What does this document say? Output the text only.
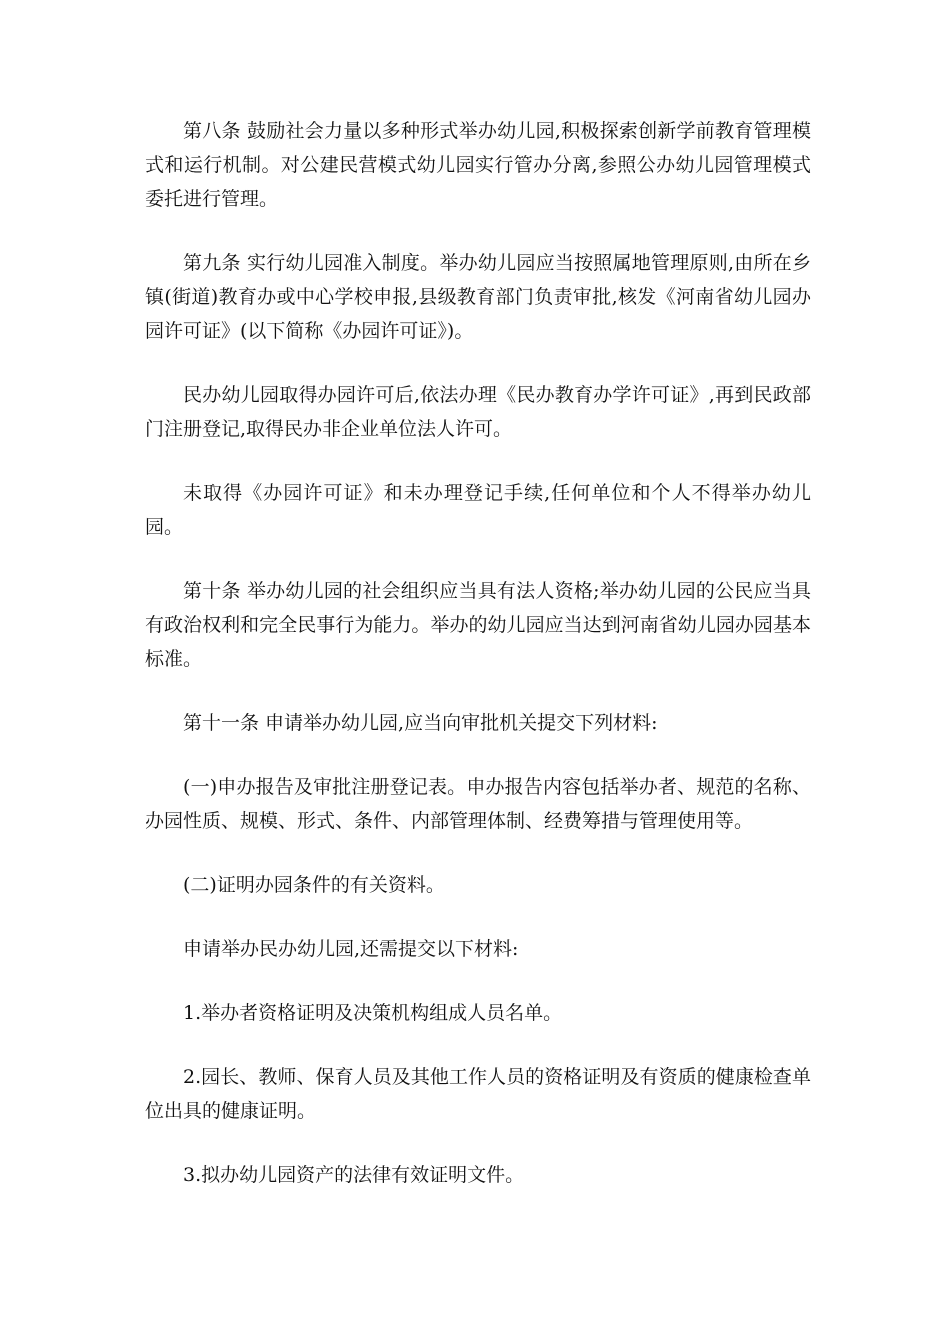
第八条 鼓励社会力量以多种形式举办幼儿园,积极探索创新学前教育管理模式和运行机制。对公建民营模式幼儿园实行管办分离,参照公办幼儿园管理模式委托进行管理。

第九条 实行幼儿园准入制度。举办幼儿园应当按照属地管理原则,由所在乡镇(街道)教育办或中心学校申报,县级教育部门负责审批,核发《河南省幼儿园办园许可证》(以下简称《办园许可证》)。

民办幼儿园取得办园许可后,依法办理《民办教育办学许可证》,再到民政部门注册登记,取得民办非企业单位法人许可。

未取得《办园许可证》和未办理登记手续,任何单位和个人不得举办幼儿园。

第十条 举办幼儿园的社会组织应当具有法人资格;举办幼儿园的公民应当具有政治权利和完全民事行为能力。举办的幼儿园应当达到河南省幼儿园办园基本标准。

第十一条 申请举办幼儿园,应当向审批机关提交下列材料:

(一)申办报告及审批注册登记表。申办报告内容包括举办者、规范的名称、办园性质、规模、形式、条件、内部管理体制、经费筹措与管理使用等。

(二)证明办园条件的有关资料。

申请举办民办幼儿园,还需提交以下材料:

1.举办者资格证明及决策机构组成人员名单。

2.园长、教师、保育人员及其他工作人员的资格证明及有资质的健康检查单位出具的健康证明。

3.拟办幼儿园资产的法律有效证明文件。
